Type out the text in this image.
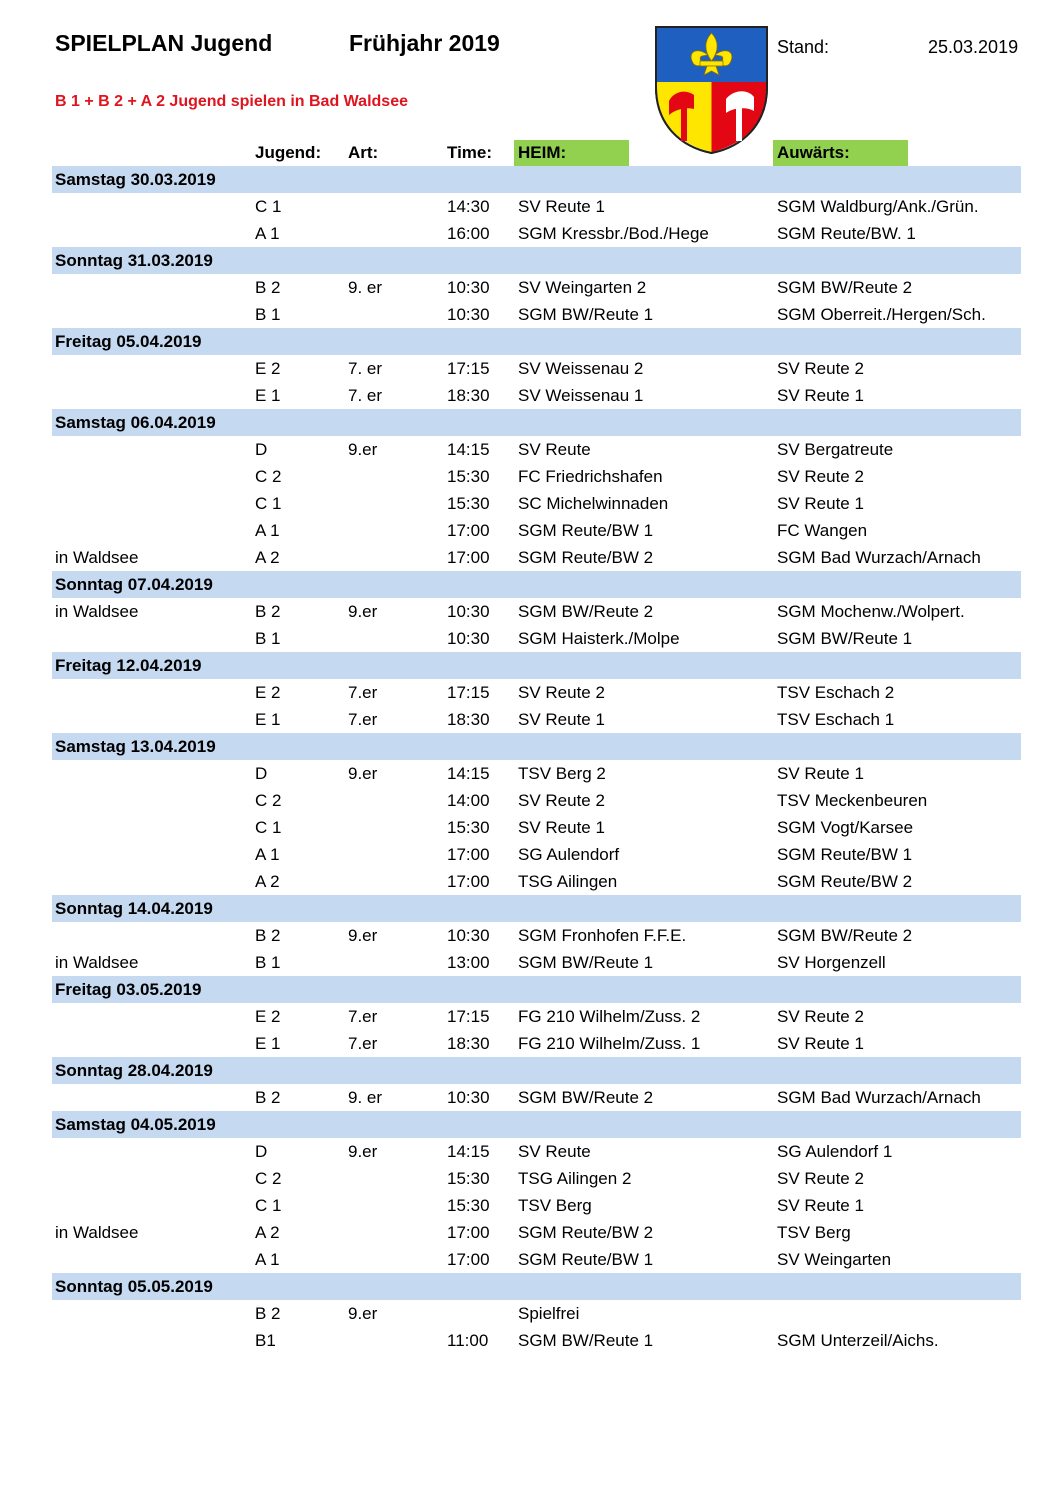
SPIELPLAN Jugend	Frühjahr 2019	Stand:	25.03.2019
B 1 + B 2 + A 2 Jugend spielen in Bad Waldsee
Jugend: Art:	Time: HEIM:	Auwärts:
Samstag 30.03.2019
C 1	14:30 SV Reute 1	SGM Waldburg/Ank./Grün.
A 1	16:00 SGM Kressbr./Bod./Hege	SGM Reute/BW. 1
Sonntag 31.03.2019
B 2	9. er	10:30 SV Weingarten 2	SGM BW/Reute 2
B 1	10:30 SGM BW/Reute 1	SGM Oberreit./Hergen/Sch.
Freitag 05.04.2019
E 2	7. er	17:15 SV Weissenau 2	SV Reute 2
E 1	7. er	18:30 SV Weissenau 1	SV Reute 1
Samstag 06.04.2019
D	9.er	14:15 SV Reute	SV Bergatreute
C 2	15:30 FC Friedrichshafen	SV Reute 2
C 1	15:30 SC Michelwinnaden	SV Reute 1
A 1	17:00 SGM Reute/BW 1	FC Wangen
in Waldsee	A 2	17:00 SGM Reute/BW 2	SGM Bad Wurzach/Arnach
Sonntag 07.04.2019
in Waldsee	B 2	9.er	10:30 SGM BW/Reute 2	SGM Mochenw./Wolpert.
B 1	10:30 SGM Haisterk./Molpe	SGM BW/Reute 1
Freitag 12.04.2019
E 2	7.er	17:15 SV Reute 2	TSV Eschach 2
E 1	7.er	18:30 SV Reute 1	TSV Eschach 1
Samstag 13.04.2019
D	9.er	14:15 TSV Berg 2	SV Reute 1
C 2	14:00 SV Reute 2	TSV Meckenbeuren
C 1	15:30 SV Reute 1	SGM Vogt/Karsee
A 1	17:00 SG Aulendorf	SGM Reute/BW 1
A 2	17:00 TSG Ailingen	SGM Reute/BW 2
Sonntag 14.04.2019
B 2	9.er	10:30 SGM Fronhofen F.F.E.	SGM BW/Reute 2
in Waldsee	B 1	13:00 SGM BW/Reute 1	SV Horgenzell
Freitag 03.05.2019
E 2	7.er	17:15 FG 210 Wilhelm/Zuss. 2	SV Reute 2
E 1	7.er	18:30 FG 210 Wilhelm/Zuss. 1	SV Reute 1
Sonntag 28.04.2019
B 2	9. er	10:30 SGM BW/Reute 2	SGM Bad Wurzach/Arnach
Samstag 04.05.2019
D	9.er	14:15 SV Reute	SG Aulendorf 1
C 2	15:30 TSG Ailingen 2	SV Reute 2
C 1	15:30 TSV Berg	SV Reute 1
in Waldsee	A 2	17:00 SGM Reute/BW 2	TSV Berg
A 1	17:00 SGM Reute/BW 1	SV Weingarten
Sonntag 05.05.2019
B 2	9.er	Spielfrei
B1	11:00 SGM BW/Reute 1	SGM Unterzeil/Aichs.
